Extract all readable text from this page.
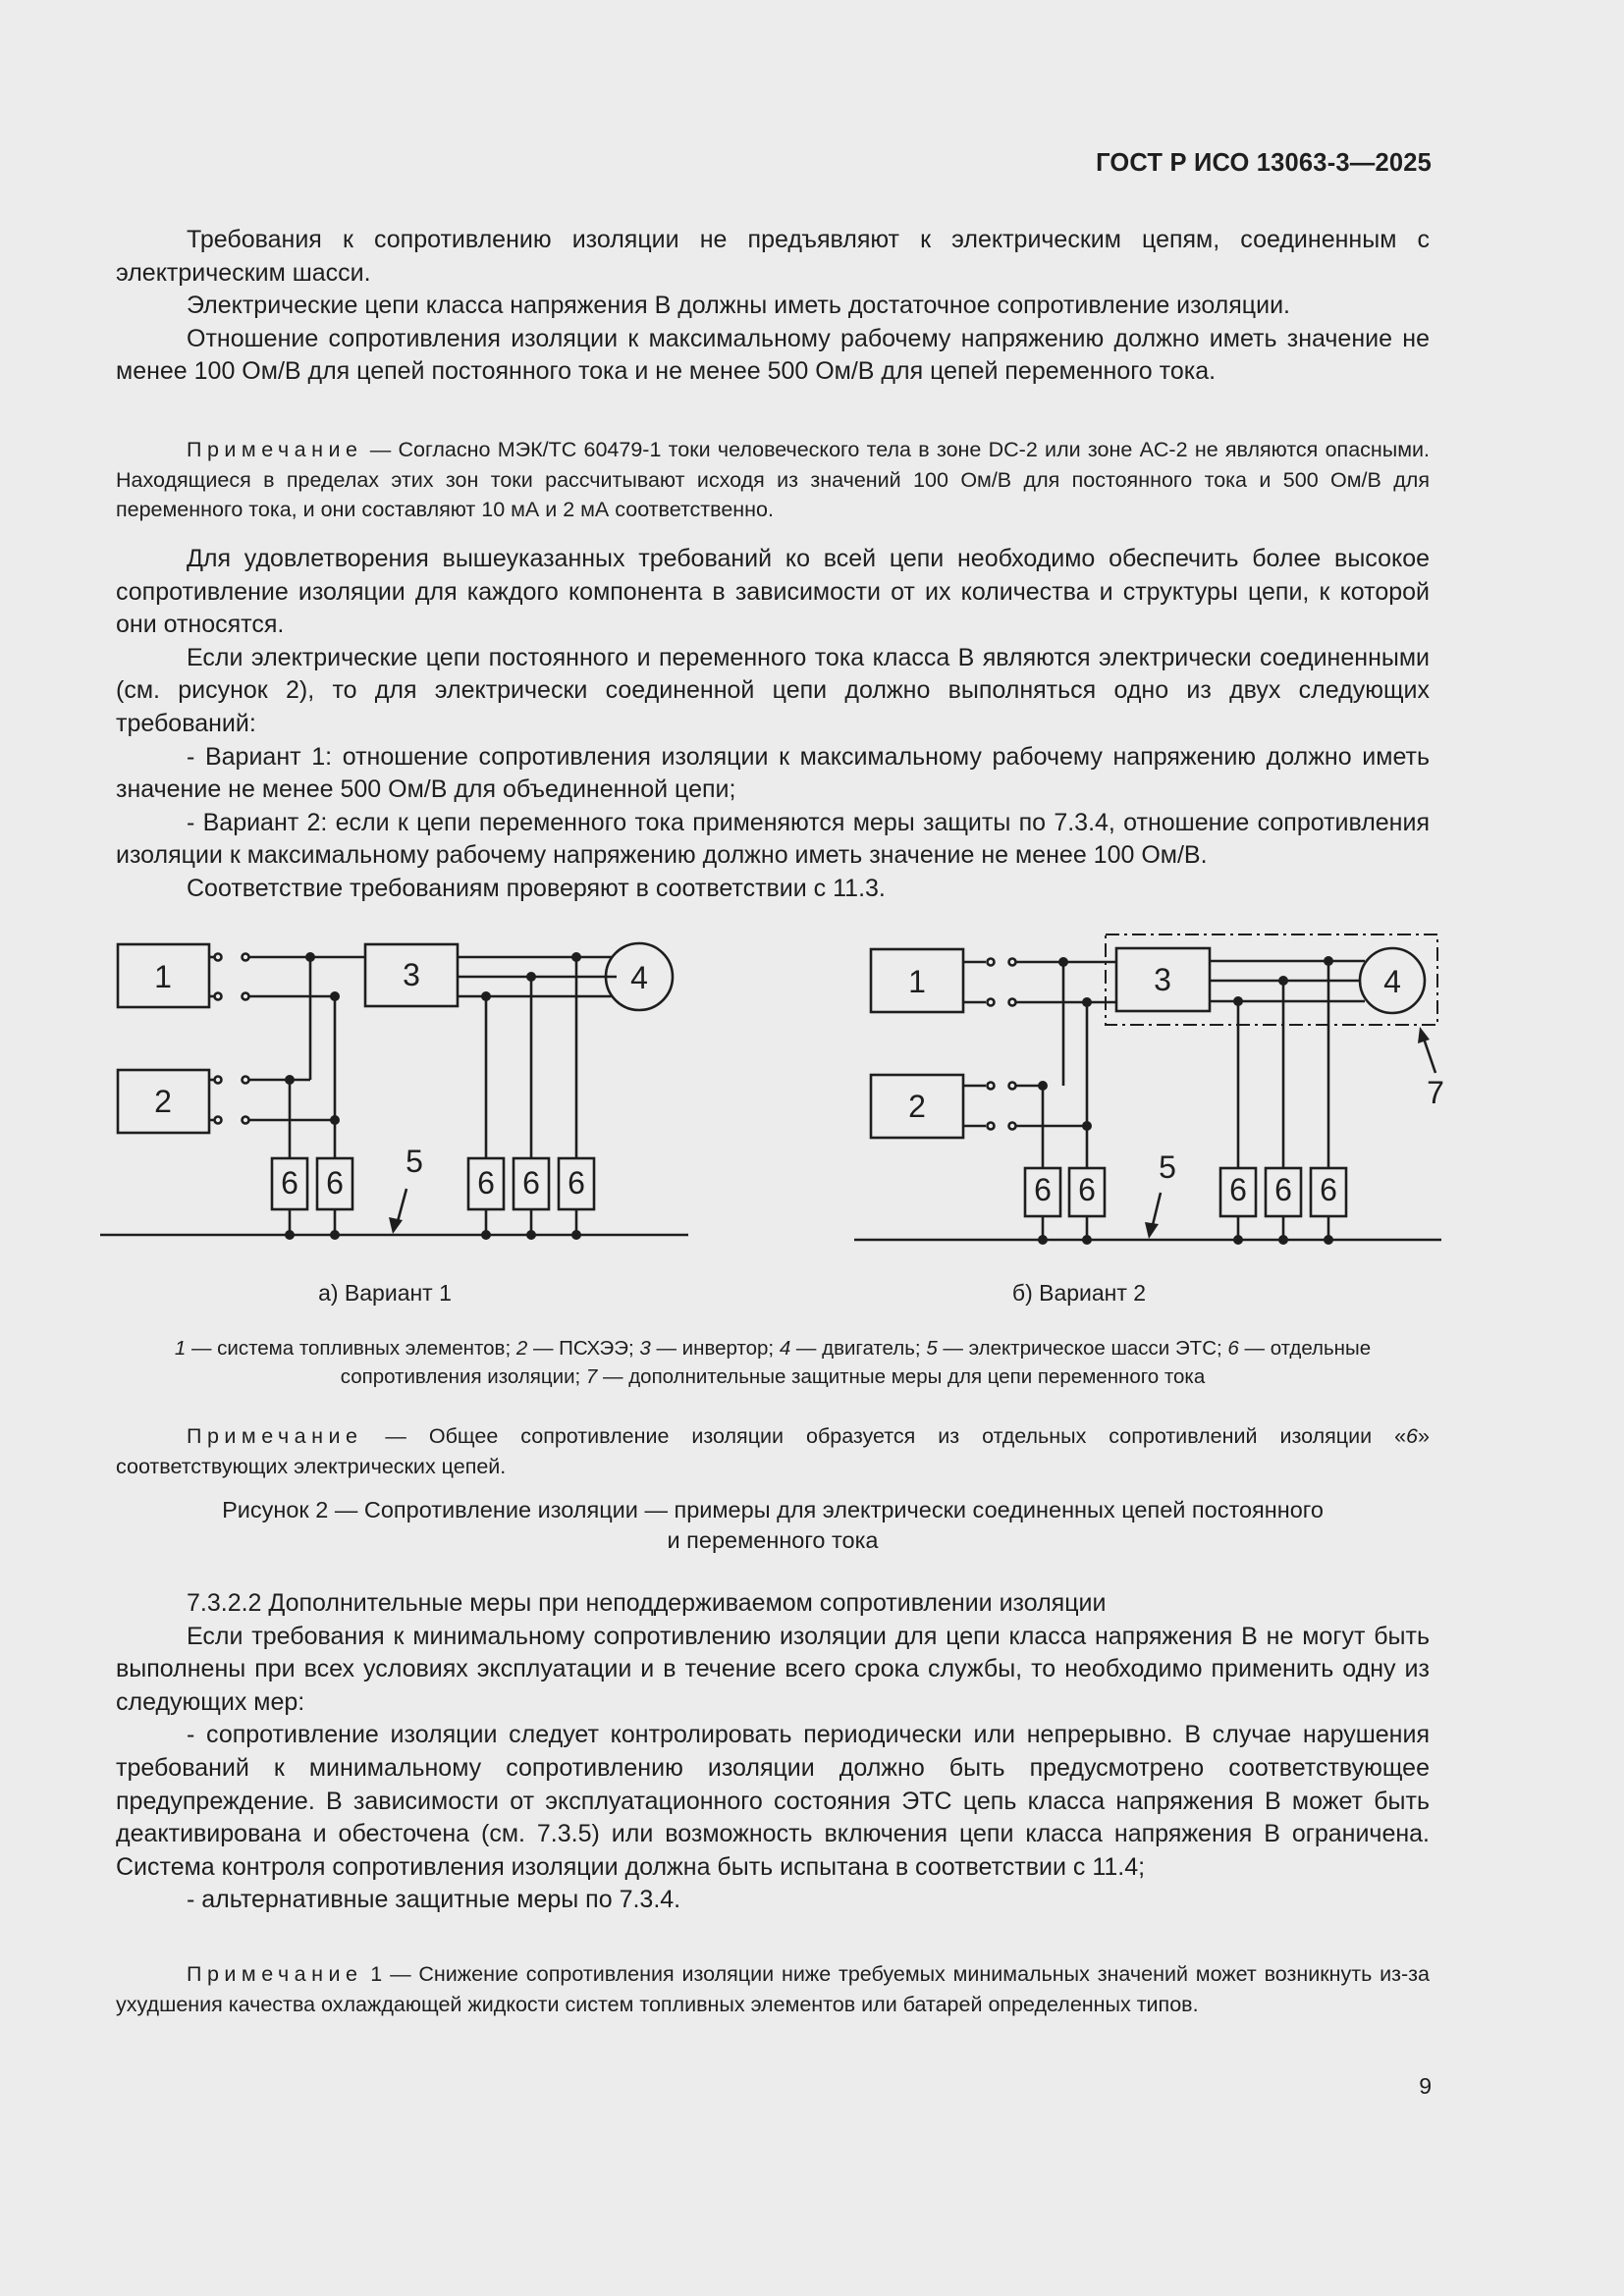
ГОСТ Р ИСО 13063-3—2025

Требования к сопротивлению изоляции не предъявляют к электрическим цепям, соединенным с электрическим шасси.

Электрические цепи класса напряжения B должны иметь достаточное сопротивление изоляции.

Отношение сопротивления изоляции к максимальному рабочему напряжению должно иметь значение не менее 100 Ом/В для цепей постоянного тока и не менее 500 Ом/В для цепей переменного тока.

Примечание — Согласно МЭК/ТС 60479-1 токи человеческого тела в зоне DC-2 или зоне AC-2 не являются опасными. Находящиеся в пределах этих зон токи рассчитывают исходя из значений 100 Ом/В для постоянного тока и 500 Ом/В для переменного тока, и они составляют 10 мА и 2 мА соответственно.

Для удовлетворения вышеуказанных требований ко всей цепи необходимо обеспечить более высокое сопротивление изоляции для каждого компонента в зависимости от их количества и структуры цепи, к которой они относятся.

Если электрические цепи постоянного и переменного тока класса B являются электрически соединенными (см. рисунок 2), то для электрически соединенной цепи должно выполняться одно из двух следующих требований:

- Вариант 1: отношение сопротивления изоляции к максимальному рабочему напряжению должно иметь значение не менее 500 Ом/В для объединенной цепи;

- Вариант 2: если к цепи переменного тока применяются меры защиты по 7.3.4, отношение сопротивления изоляции к максимальному рабочему напряжению должно иметь значение не менее 100 Ом/В.

Соответствие требованиям проверяют в соответствии с 11.3.

1
2
3	4
5
6 6	6 6 6
1
2
3	4
5
6 6	6 6 6
7
а) Вариант 1	б) Вариант 2
1 — система топливных элементов; 2 — ПСХЭЭ; 3 — инвертор; 4 — двигатель; 5 — электрическое шасси ЭТС; 6 — отдельные сопротивления изоляции; 7 — дополнительные защитные меры для цепи переменного тока

Примечание — Общее сопротивление изоляции образуется из отдельных сопротивлений изоляции «6» соответствующих электрических цепей.

Рисунок 2 — Сопротивление изоляции — примеры для электрически соединенных цепей постоянного
и переменного тока

7.3.2.2 Дополнительные меры при неподдерживаемом сопротивлении изоляции

Если требования к минимальному сопротивлению изоляции для цепи класса напряжения B не могут быть выполнены при всех условиях эксплуатации и в течение всего срока службы, то необходимо применить одну из следующих мер:

- сопротивление изоляции следует контролировать периодически или непрерывно. В случае нарушения требований к минимальному сопротивлению изоляции должно быть предусмотрено соответствующее предупреждение. В зависимости от эксплуатационного состояния ЭТС цепь класса напряжения B может быть деактивирована и обесточена (см. 7.3.5) или возможность включения цепи класса напряжения B ограничена. Система контроля сопротивления изоляции должна быть испытана в соответствии с 11.4;

- альтернативные защитные меры по 7.3.4.

Примечание 1 — Снижение сопротивления изоляции ниже требуемых минимальных значений может возникнуть из-за ухудшения качества охлаждающей жидкости систем топливных элементов или батарей определенных типов.

9
